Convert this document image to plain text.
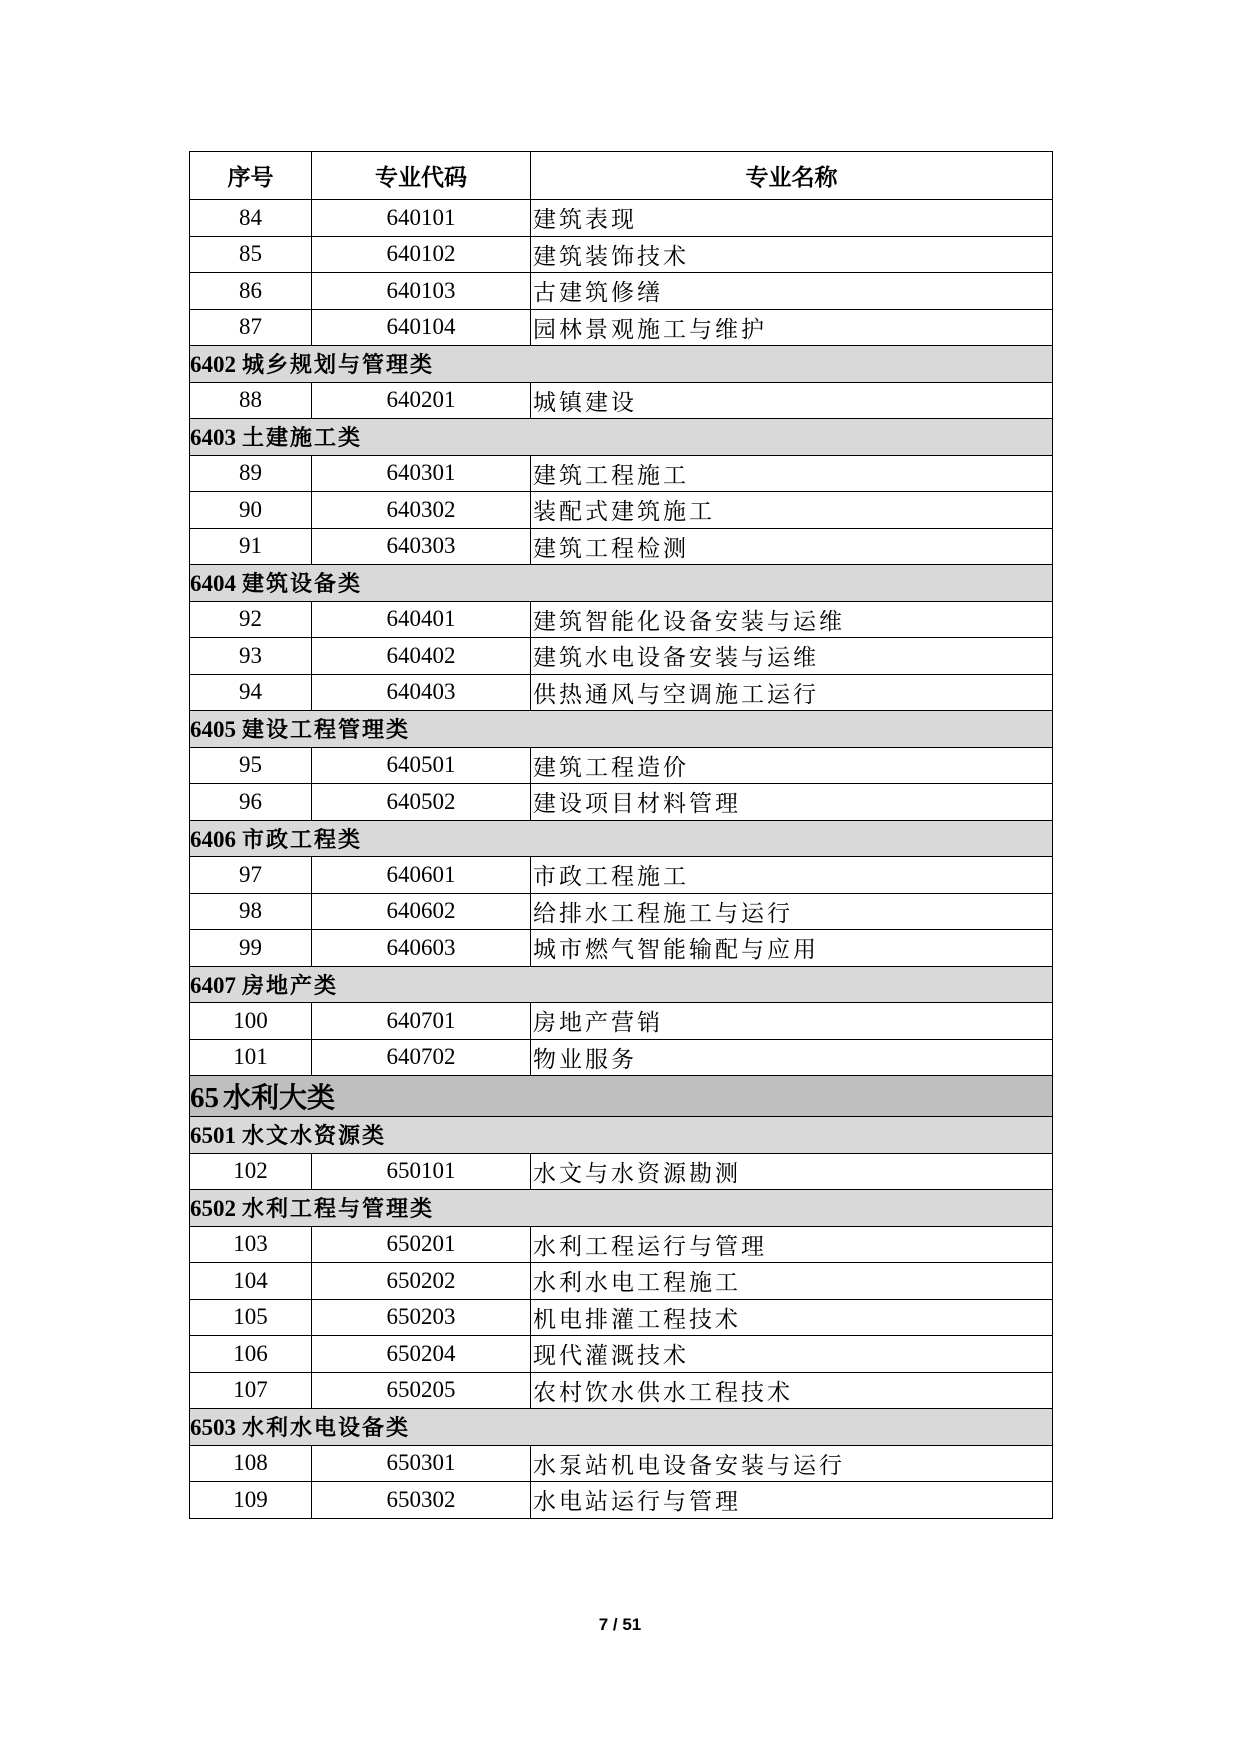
序号	专业代码	专业名称
84	640101	建筑表现
85	640102	建筑装饰技术
86	640103	古建筑修缮
87	640104	园林景观施工与维护
6402 城乡规划与管理类		
88	640201	城镇建设
6403 土建施工类		
89	640301	建筑工程施工
90	640302	装配式建筑施工
91	640303	建筑工程检测
6404 建筑设备类		
92	640401	建筑智能化设备安装与运维
93	640402	建筑水电设备安装与运维
94	640403	供热通风与空调施工运行
6405 建设工程管理类		
95	640501	建筑工程造价
96	640502	建设项目材料管理
6406 市政工程类		
97	640601	市政工程施工
98	640602	给排水工程施工与运行
99	640603	城市燃气智能输配与应用
6407 房地产类		
100	640701	房地产营销
101	640702	物业服务
65 水利大类		
6501 水文水资源类		
102	650101	水文与水资源勘测
6502 水利工程与管理类		
103	650201	水利工程运行与管理
104	650202	水利水电工程施工
105	650203	机电排灌工程技术
106	650204	现代灌溉技术
107	650205	农村饮水供水工程技术
6503 水利水电设备类		
108	650301	水泵站机电设备安装与运行
109	650302	水电站运行与管理
7 / 51
